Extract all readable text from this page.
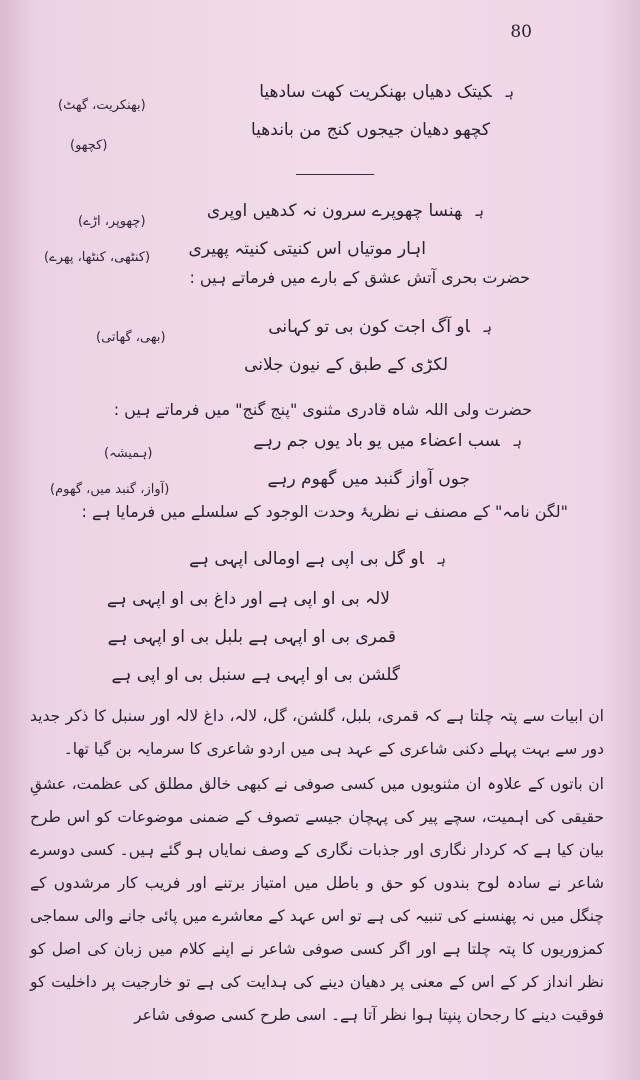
80
ہکیتک دھیاں بھنکریت کھت سادھیا
کچھو دھیان جیجوں کنج من باندھیا
(بھنکریت، گھٹ)
(کچھو)
ہھنسا چھوپرے سرون نہ کدھیں اوپری
اہار موتیاں اس کنیتی کنیتہ پھیری
(چھوپر، اڑے)
(کنٹھی، کنٹھا، پھرے)
حضرت بحری آتش عشق کے بارے میں فرماتے ہیں :
ہاو آگ اجت کون بی تو کہانی
لکڑی کے طبق کے نیون جلانی
(بھی، گھاتی)
حضرت ولی اللہ شاہ قادری مثنوی "پنج گنج" میں فرماتے ہیں :
ہسب اعضاء میں یو باد یوں جم رہے
جوں آواز گنبد میں گھوم رہے
(ہمیشہ)
(آواز، گنبد میں، گھوم)
"لگن نامہ" کے مصنف نے نظریۂ وحدت الوجود کے سلسلے میں فرمایا ہے :
ہاو گل بی اپی ہے اومالی اپہی ہے
لالہ بی او اپی ہے اور داغ بی او اپہی ہے
قمری بی او اپہی ہے بلبل بی او اپہی ہے
گلشن بی او اپہی ہے سنبل بی او اپی ہے
ان ابیات سے پتہ چلتا ہے کہ قمری، بلبل، گلشن، گل، لالہ، داغ لالہ اور سنبل کا ذکر جدید دور سے بہت پہلے دکنی شاعری کے عہد ہی میں اردو شاعری کا سرمایہ بن گیا تھا۔
ان باتوں کے علاوہ ان مثنویوں میں کسی صوفی نے کبھی خالق مطلق کی عظمت، عشقِ حقیقی کی اہمیت، سچے پیر کی پہچان جیسے تصوف کے ضمنی موضوعات کو اس طرح بیان کیا ہے کہ کردار نگاری اور جذبات نگاری کے وصف نمایاں ہو گئے ہیں۔ کسی دوسرے شاعر نے سادہ لوح بندوں کو حق و باطل میں امتیاز برتنے اور فریب کار مرشدوں کے چنگل میں نہ پھنسنے کی تنبیہ کی ہے تو اس عہد کے معاشرے میں پائی جانے والی سماجی کمزوریوں کا پتہ چلتا ہے اور اگر کسی صوفی شاعر نے اپنے کلام میں زبان کی اصل کو نظر انداز کر کے اس کے معنی پر دھیان دینے کی ہدایت کی ہے تو خارجیت پر داخلیت کو فوقیت دینے کا رجحان پنپتا ہوا نظر آتا ہے۔ اسی طرح کسی صوفی شاعر
